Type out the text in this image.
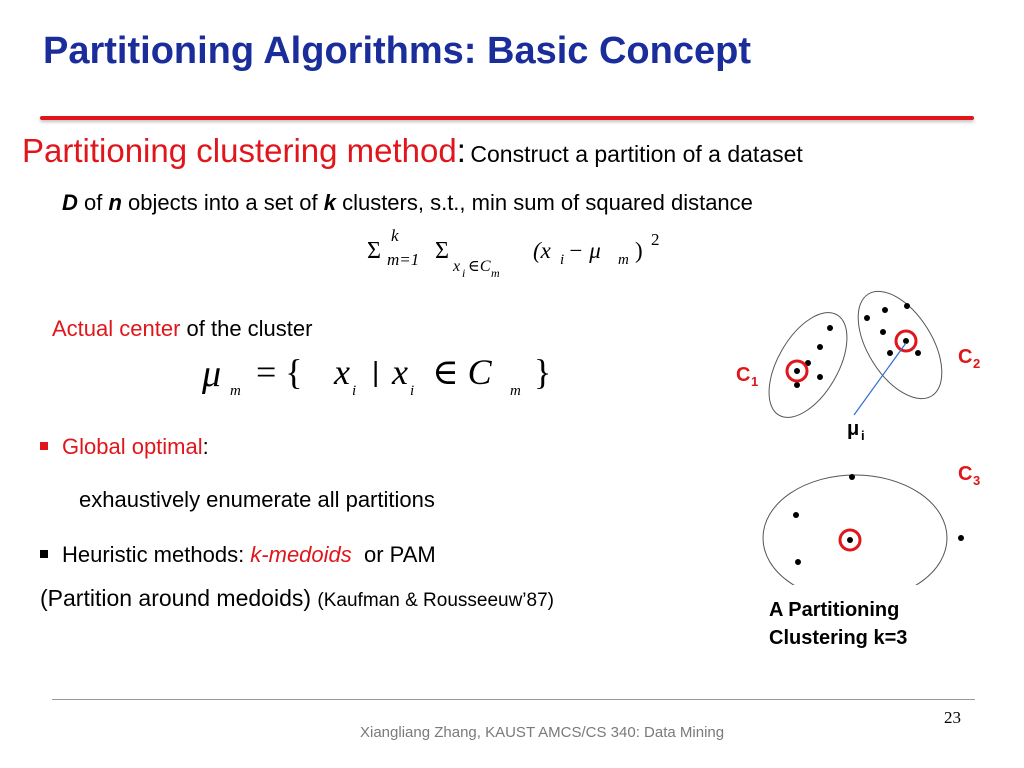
Partitioning Algorithms: Basic Concept
Partitioning clustering method: Construct a partition of a dataset
D of n objects into a set of k clusters, s.t., min sum of squared distance
Σ
k
m=1 Σ
x i ∈C m
(x i − μ m ) 2
Actual center of the cluster
μ m = { x i
| x i ∈ C m }
Global optimal:
exhaustively enumerate all partitions
Heuristic methods: k-medoids  or PAM
(Partition around medoids) (Kaufman & Rousseeuw’87)
C 1
C 2
C 3
μ i
A Partitioning
Clustering k=3
23
Xiangliang Zhang, KAUST AMCS/CS 340: Data Mining
